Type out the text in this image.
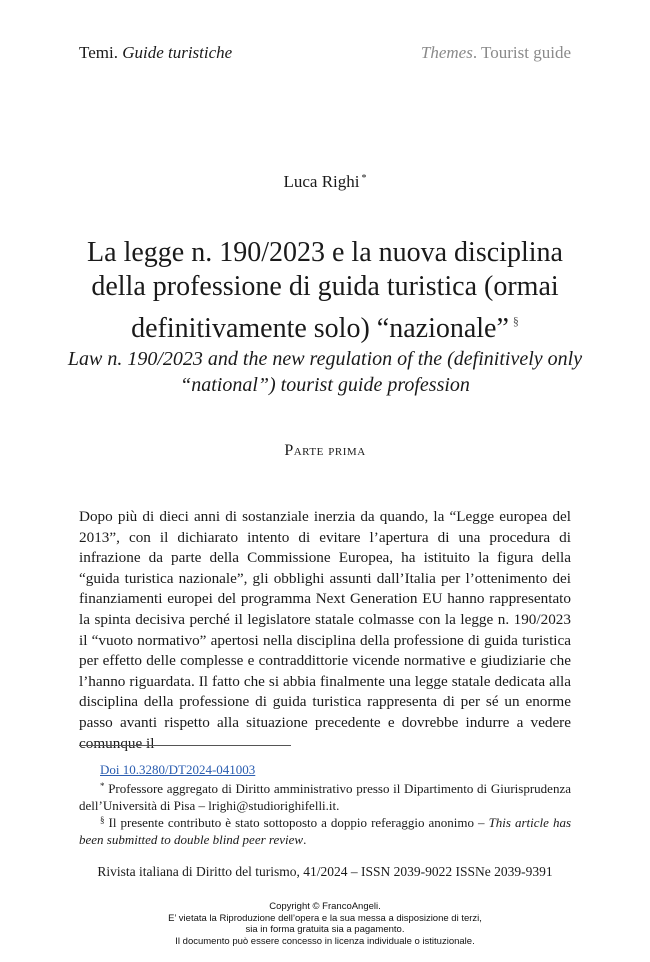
Temi. Guide turistiche	Themes. Tourist guide
Luca Righi *
La legge n. 190/2023 e la nuova disciplina della professione di guida turistica (ormai definitivamente solo) “nazionale” §
Law n. 190/2023 and the new regulation of the (definitively only “national”) tourist guide profession
Parte prima
Dopo più di dieci anni di sostanziale inerzia da quando, la “Legge europea del 2013”, con il dichiarato intento di evitare l’apertura di una procedura di infrazione da parte della Commissione Europea, ha istituito la figura della “guida turistica nazionale”, gli obblighi assunti dall’Italia per l’ottenimento dei finanziamenti europei del programma Next Generation EU hanno rappresentato la spinta decisiva perché il legislatore statale colmasse con la legge n. 190/2023 il “vuoto normativo” apertosi nella disciplina della professione di guida turistica per effetto delle complesse e contraddittorie vicende normative e giudiziarie che l’hanno riguardata. Il fatto che si abbia finalmente una legge statale dedicata alla disciplina della professione di guida turistica rappresenta di per sé un enorme passo avanti rispetto alla situazione precedente e dovrebbe indurre a vedere comunque il
Doi 10.3280/DT2024-041003
* Professore aggregato di Diritto amministrativo presso il Dipartimento di Giurisprudenza dell’Università di Pisa – lrighi@studiorighifelli.it.
§ Il presente contributo è stato sottoposto a doppio referaggio anonimo – This article has been submitted to double blind peer review.
Rivista italiana di Diritto del turismo, 41/2024 – ISSN 2039-9022 ISSNe 2039-9391
Copyright © FrancoAngeli.
E’ vietata la Riproduzione dell’opera e la sua messa a disposizione di terzi,
sia in forma gratuita sia a pagamento.
Il documento può essere concesso in licenza individuale o istituzionale.
